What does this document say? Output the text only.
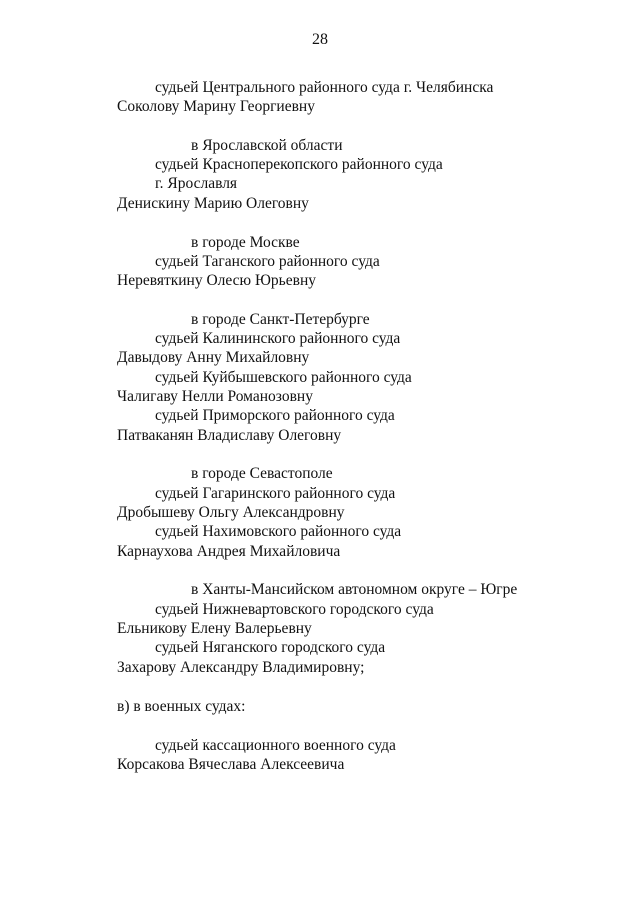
28
судьей Центрального районного суда г. Челябинска
Соколову Марину Георгиевну
в Ярославской области
судьей Красноперекопского районного суда
г. Ярославля
Денискину Марию Олеговну
в городе Москве
судьей Таганского районного суда
Неревяткину Олесю Юрьевну
в городе Санкт-Петербурге
судьей Калининского районного суда
Давыдову Анну Михайловну
судьей Куйбышевского районного суда
Чалигаву Нелли Романозовну
судьей Приморского районного суда
Патваканян Владиславу Олеговну
в городе Севастополе
судьей Гагаринского районного суда
Дробышеву Ольгу Александровну
судьей Нахимовского районного суда
Карнаухова Андрея Михайловича
в Ханты-Мансийском автономном округе – Югре
судьей Нижневартовского городского суда
Ельникову Елену Валерьевну
судьей Няганского городского суда
Захарову Александру Владимировну;
в) в военных судах:
судьей кассационного военного суда
Корсакова Вячеслава Алексеевича
